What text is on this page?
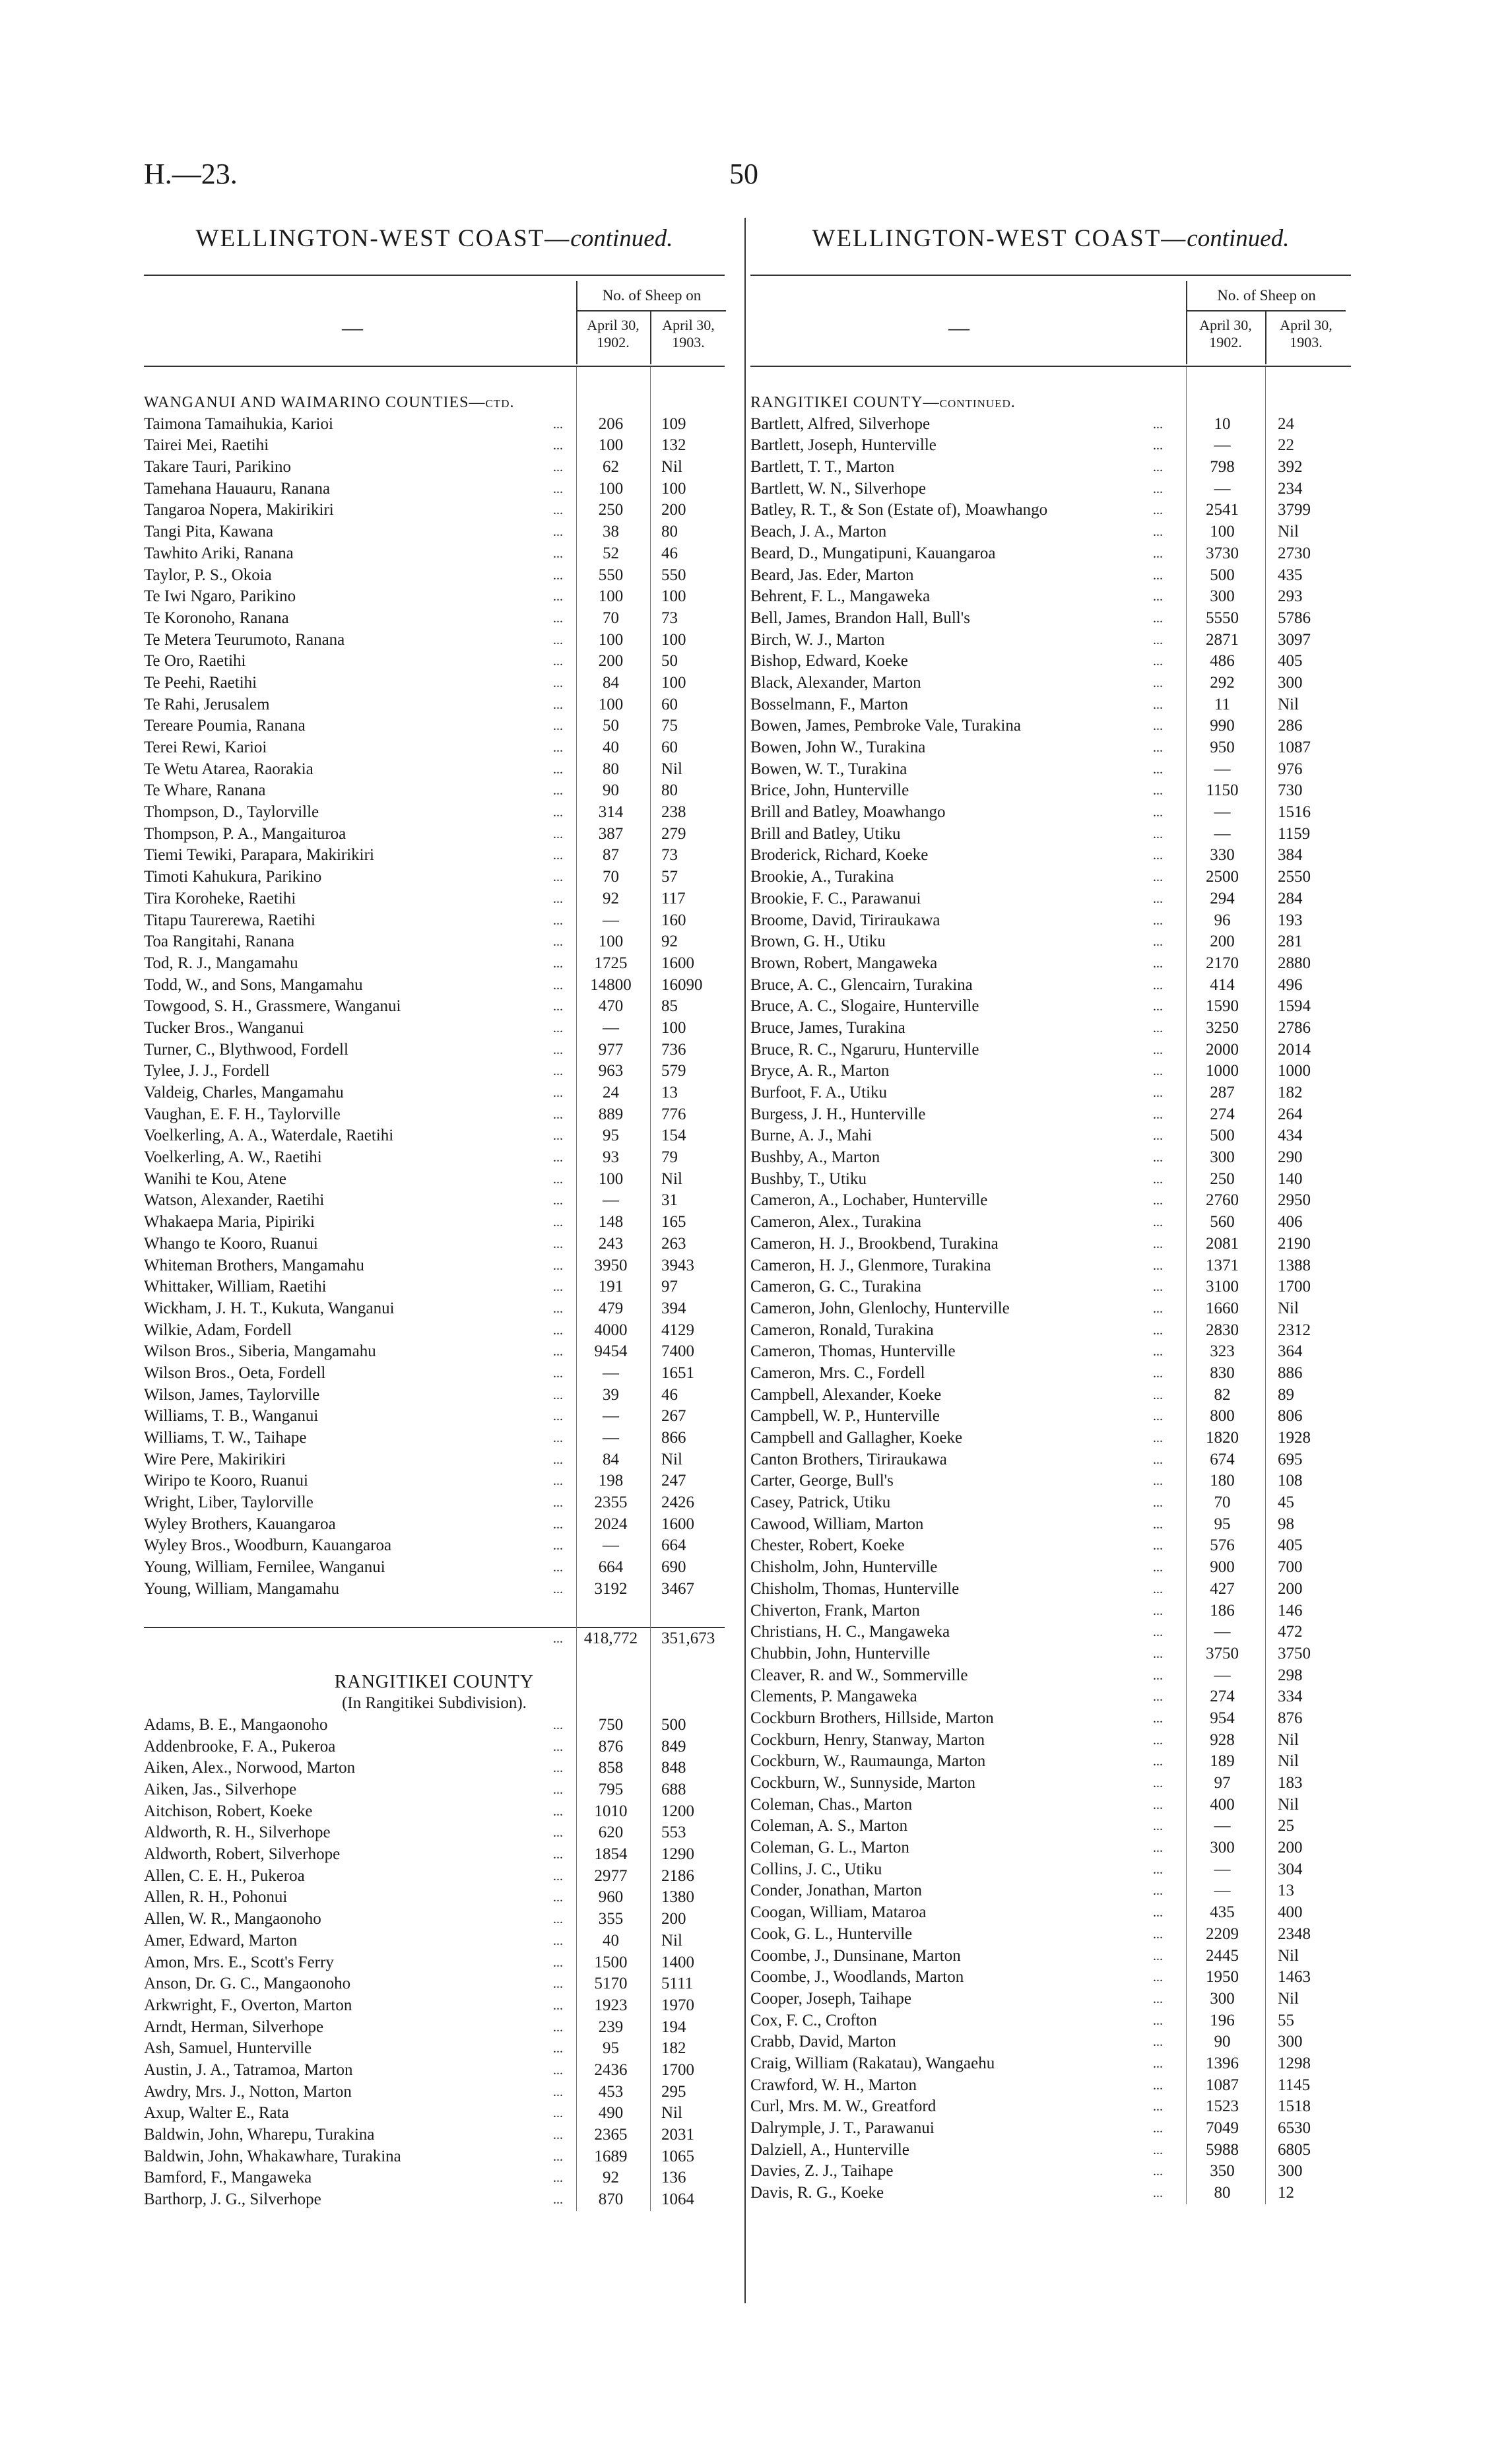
H.—23.	50
WELLINGTON-WEST COAST—continued.
—
No. of Sheep on
April 30, 1902.
April 30, 1903.
WANGANUI AND WAIMARINO COUNTIES—ctd.
Taimona Tamaihukia, Karioi	...	206	109
Tairei Mei, Raetihi	...	100	132
Takare Tauri, Parikino	...	62	Nil
Tamehana Hauauru, Ranana	...	100	100
Tangaroa Nopera, Makirikiri	...	250	200
Tangi Pita, Kawana	...	38	80
Tawhito Ariki, Ranana	...	52	46
Taylor, P. S., Okoia	...	550	550
Te Iwi Ngaro, Parikino	...	100	100
Te Koronoho, Ranana	...	70	73
Te Metera Teurumoto, Ranana	...	100	100
Te Oro, Raetihi	...	200	50
Te Peehi, Raetihi	...	84	100
Te Rahi, Jerusalem	...	100	60
Tereare Poumia, Ranana	...	50	75
Terei Rewi, Karioi	...	40	60
Te Wetu Atarea, Raorakia	...	80	Nil
Te Whare, Ranana	...	90	80
Thompson, D., Taylorville	...	314	238
Thompson, P. A., Mangaituroa	...	387	279
Tiemi Tewiki, Parapara, Makirikiri	...	87	73
Timoti Kahukura, Parikino	...	70	57
Tira Koroheke, Raetihi	...	92	117
Titapu Taurerewa, Raetihi	...	—	160
Toa Rangitahi, Ranana	...	100	92
Tod, R. J., Mangamahu	...	1725	1600
Todd, W., and Sons, Mangamahu	...	14800	16090
Towgood, S. H., Grassmere, Wanganui	...	470	85
Tucker Bros., Wanganui	...	—	100
Turner, C., Blythwood, Fordell	...	977	736
Tylee, J. J., Fordell	...	963	579
Valdeig, Charles, Mangamahu	...	24	13
Vaughan, E. F. H., Taylorville	...	889	776
Voelkerling, A. A., Waterdale, Raetihi	...	95	154
Voelkerling, A. W., Raetihi	...	93	79
Wanihi te Kou, Atene	...	100	Nil
Watson, Alexander, Raetihi	...	—	31
Whakaepa Maria, Pipiriki	...	148	165
Whango te Kooro, Ruanui	...	243	263
Whiteman Brothers, Mangamahu	...	3950	3943
Whittaker, William, Raetihi	...	191	97
Wickham, J. H. T., Kukuta, Wanganui	...	479	394
Wilkie, Adam, Fordell	...	4000	4129
Wilson Bros., Siberia, Mangamahu	...	9454	7400
Wilson Bros., Oeta, Fordell	...	—	1651
Wilson, James, Taylorville	...	39	46
Williams, T. B., Wanganui	...	—	267
Williams, T. W., Taihape	...	—	866
Wire Pere, Makirikiri	...	84	Nil
Wiripo te Kooro, Ruanui	...	198	247
Wright, Liber, Taylorville	...	2355	2426
Wyley Brothers, Kauangaroa	...	2024	1600
Wyley Bros., Woodburn, Kauangaroa	...	—	664
Young, William, Fernilee, Wanganui	...	664	690
Young, William, Mangamahu	...	3192	3467
...	418,772	351,673
RANGITIKEI COUNTY
(In Rangitikei Subdivision).
Adams, B. E., Mangaonoho	...	750	500
Addenbrooke, F. A., Pukeroa	...	876	849
Aiken, Alex., Norwood, Marton	...	858	848
Aiken, Jas., Silverhope	...	795	688
Aitchison, Robert, Koeke	...	1010	1200
Aldworth, R. H., Silverhope	...	620	553
Aldworth, Robert, Silverhope	...	1854	1290
Allen, C. E. H., Pukeroa	...	2977	2186
Allen, R. H., Pohonui	...	960	1380
Allen, W. R., Mangaonoho	...	355	200
Amer, Edward, Marton	...	40	Nil
Amon, Mrs. E., Scott's Ferry	...	1500	1400
Anson, Dr. G. C., Mangaonoho	...	5170	5111
Arkwright, F., Overton, Marton	...	1923	1970
Arndt, Herman, Silverhope	...	239	194
Ash, Samuel, Hunterville	...	95	182
Austin, J. A., Tatramoa, Marton	...	2436	1700
Awdry, Mrs. J., Notton, Marton	...	453	295
Axup, Walter E., Rata	...	490	Nil
Baldwin, John, Wharepu, Turakina	...	2365	2031
Baldwin, John, Whakawhare, Turakina	...	1689	1065
Bamford, F., Mangaweka	...	92	136
Barthorp, J. G., Silverhope	...	870	1064
WELLINGTON-WEST COAST—continued.
—
No. of Sheep on
April 30, 1902.
April 30, 1903.
RANGITIKEI COUNTY—continued.
Bartlett, Alfred, Silverhope	...	10	24
Bartlett, Joseph, Hunterville	...	—	22
Bartlett, T. T., Marton	...	798	392
Bartlett, W. N., Silverhope	...	—	234
Batley, R. T., & Son (Estate of), Moawhango	...	2541	3799
Beach, J. A., Marton	...	100	Nil
Beard, D., Mungatipuni, Kauangaroa	...	3730	2730
Beard, Jas. Eder, Marton	...	500	435
Behrent, F. L., Mangaweka	...	300	293
Bell, James, Brandon Hall, Bull's	...	5550	5786
Birch, W. J., Marton	...	2871	3097
Bishop, Edward, Koeke	...	486	405
Black, Alexander, Marton	...	292	300
Bosselmann, F., Marton	...	11	Nil
Bowen, James, Pembroke Vale, Turakina	...	990	286
Bowen, John W., Turakina	...	950	1087
Bowen, W. T., Turakina	...	—	976
Brice, John, Hunterville	...	1150	730
Brill and Batley, Moawhango	...	—	1516
Brill and Batley, Utiku	...	—	1159
Broderick, Richard, Koeke	...	330	384
Brookie, A., Turakina	...	2500	2550
Brookie, F. C., Parawanui	...	294	284
Broome, David, Tiriraukawa	...	96	193
Brown, G. H., Utiku	...	200	281
Brown, Robert, Mangaweka	...	2170	2880
Bruce, A. C., Glencairn, Turakina	...	414	496
Bruce, A. C., Slogaire, Hunterville	...	1590	1594
Bruce, James, Turakina	...	3250	2786
Bruce, R. C., Ngaruru, Hunterville	...	2000	2014
Bryce, A. R., Marton	...	1000	1000
Burfoot, F. A., Utiku	...	287	182
Burgess, J. H., Hunterville	...	274	264
Burne, A. J., Mahi	...	500	434
Bushby, A., Marton	...	300	290
Bushby, T., Utiku	...	250	140
Cameron, A., Lochaber, Hunterville	...	2760	2950
Cameron, Alex., Turakina	...	560	406
Cameron, H. J., Brookbend, Turakina	...	2081	2190
Cameron, H. J., Glenmore, Turakina	...	1371	1388
Cameron, G. C., Turakina	...	3100	1700
Cameron, John, Glenlochy, Hunterville	...	1660	Nil
Cameron, Ronald, Turakina	...	2830	2312
Cameron, Thomas, Hunterville	...	323	364
Cameron, Mrs. C., Fordell	...	830	886
Campbell, Alexander, Koeke	...	82	89
Campbell, W. P., Hunterville	...	800	806
Campbell and Gallagher, Koeke	...	1820	1928
Canton Brothers, Tiriraukawa	...	674	695
Carter, George, Bull's	...	180	108
Casey, Patrick, Utiku	...	70	45
Cawood, William, Marton	...	95	98
Chester, Robert, Koeke	...	576	405
Chisholm, John, Hunterville	...	900	700
Chisholm, Thomas, Hunterville	...	427	200
Chiverton, Frank, Marton	...	186	146
Christians, H. C., Mangaweka	...	—	472
Chubbin, John, Hunterville	...	3750	3750
Cleaver, R. and W., Sommerville	...	—	298
Clements, P. Mangaweka	...	274	334
Cockburn Brothers, Hillside, Marton	...	954	876
Cockburn, Henry, Stanway, Marton	...	928	Nil
Cockburn, W., Raumaunga, Marton	...	189	Nil
Cockburn, W., Sunnyside, Marton	...	97	183
Coleman, Chas., Marton	...	400	Nil
Coleman, A. S., Marton	...	—	25
Coleman, G. L., Marton	...	300	200
Collins, J. C., Utiku	...	—	304
Conder, Jonathan, Marton	...	—	13
Coogan, William, Mataroa	...	435	400
Cook, G. L., Hunterville	...	2209	2348
Coombe, J., Dunsinane, Marton	...	2445	Nil
Coombe, J., Woodlands, Marton	...	1950	1463
Cooper, Joseph, Taihape	...	300	Nil
Cox, F. C., Crofton	...	196	55
Crabb, David, Marton	...	90	300
Craig, William (Rakatau), Wangaehu	...	1396	1298
Crawford, W. H., Marton	...	1087	1145
Curl, Mrs. M. W., Greatford	...	1523	1518
Dalrymple, J. T., Parawanui	...	7049	6530
Dalziell, A., Hunterville	...	5988	6805
Davies, Z. J., Taihape	...	350	300
Davis, R. G., Koeke	...	80	12
